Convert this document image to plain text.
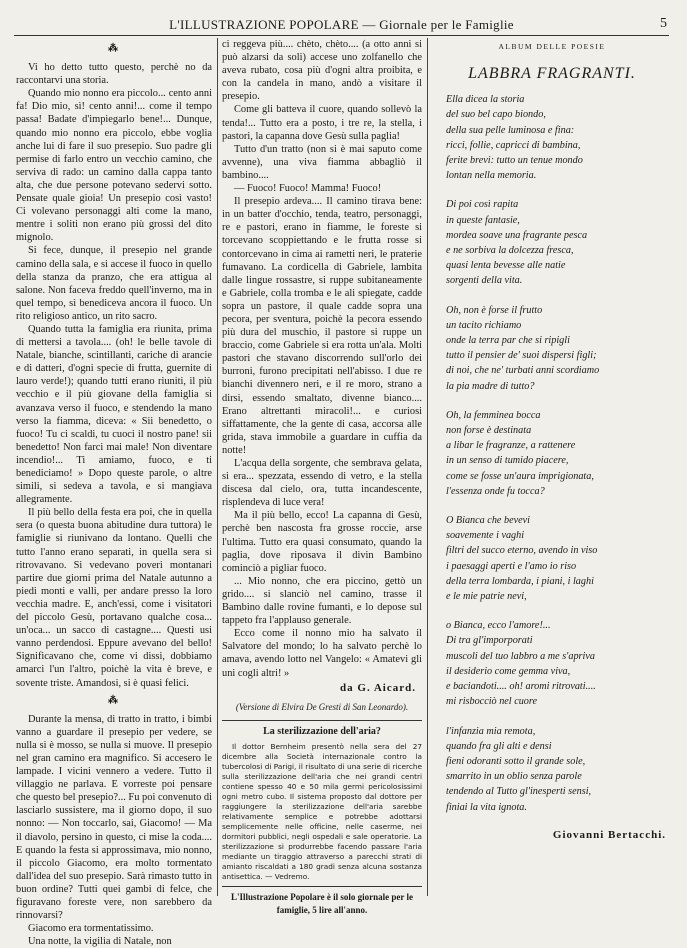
L'ILLUSTRAZIONE POPOLARE — Giornale per le Famiglie	5
⁂

Vi ho detto tutto questo, perchè no da raccontarvi una storia.

Quando mio nonno era piccolo... cento anni fa! Dio mio, sì! cento anni!... come il tempo passa! Badate d'impiegarlo bene!... Dunque, quando mio nonno era piccolo, ebbe voglia anche lui di fare il suo presepio. Suo padre gli permise di farlo entro un vecchio camino, che serviva di rado: un camino dalla cappa tanto alta, che due persone potevano sedervi sotto. Pensate quale gioia! Un presepio così vasto! Ci volevano personaggi alti come la mano, mentre i soliti non erano più grossi del dito mignolo.

Si fece, dunque, il presepio nel grande camino della sala, e si accese il fuoco in quello della stanza da pranzo, che era attigua al salone. Non faceva freddo quell'inverno, ma in quel tempo, sì benediceva ancora il fuoco. Un rito religioso antico, un rito sacro.

Quando tutta la famiglia era riunita, prima di mettersi a tavola.... (oh! le belle tavole di Natale, bianche, scintillanti, cariche di arancie e di datteri, d'ogni specie di frutta, guernite di lauro verde!); quando tutti erano riuniti, il più vecchio e il più giovane della famiglia si avanzava verso il fuoco, e stendendo la mano verso la fiamma, diceva: « Sii benedetto, o fuoco! Tu ci scaldi, tu cuoci il nostro pane! sii benedetto! Non farci mai male! Non diventare incendio!... Ti amiamo, fuoco, e ti benediciamo! » Dopo queste parole, o altre simili, si sedeva a tavola, e si mangiava allegramente.

Il più bello della festa era poi, che in quella sera (o questa buona abitudine dura tuttora) le famiglie si riunivano da lontano. Quelli che tutto l'anno erano separati, in quella sera si ritrovavano. Si vedevano poveri montanari partire due giorni prima del Natale autunno a piedi monti e valli, per andare presso la loro vecchia madre. E, anch'essi, come i visitatori del piccolo Gesù, portavano qualche cosa... un'oca... un sacco di castagne.... Questi usi vanno perdendosi. Eppure avevano del bello! Significavano che, come vi dissi, dobbiamo amarci l'un l'altro, poichè la vita è breve, e sovente triste. Amandosi, si è quasi felici.

⁂

Durante la mensa, di tratto in tratto, i bimbi vanno a guardare il presepio per vedere, se nulla si è mosso, se nulla si muove. Il presepio nel gran camino era magnifico. Si accesero le lampade. I vicini vennero a vedere. Tutto il villaggio ne parlava. E vorreste poi pensare che questo bel presepio?... Fu poi convenuto di lasciarlo sussistere, ma il giorno dopo, il suo nonno: — Non toccarlo, sai, Giacomo! — Ma il diavolo, persino in questo, ci mise la coda.... E quando la festa si approssimava, mio nonno, il piccolo Giacomo, era molto tormentato dall'idea del suo presepio. Sarà rimasto tutto in buon ordine? Tutti quei gambi di felce, che figuravano foreste vere, non sarebbero da rinnovarsi?

Giacomo era tormentatissimo.

Una notte, la vigilia di Natale, non

ci reggeva più.... chèto, chèto.... (a otto anni si può alzarsi da soli) accese uno zolfanello che aveva rubato, cosa più d'ogni altra proibita, e con la candela in mano, andò a visitare il presepio.

Come gli batteva il cuore, quando sollevò la tenda!... Tutto era a posto, i tre re, la stella, i pastori, la capanna dove Gesù sulla paglia!

Tutto d'un tratto (non si è mai saputo come avvenne), una viva fiamma abbagliò il bambino....

— Fuoco! Fuoco! Mamma! Fuoco!

Il presepio ardeva.... Il camino tirava bene: in un batter d'occhio, tenda, teatro, personaggi, re e pastori, erano in fiamme, le foreste si torcevano scoppiettando e le frutta rosse si contorcevano in cima ai rametti neri, le praterie fumavano. La cordicella di Gabriele, lambita dalle lingue rossastre, si ruppe subitaneamente e Gabriele, colla tromba e le ali spiegate, cadde sopra un pastore, il quale cadde sopra una pecora, per sventura, poichè la pecora essendo più dura del muschio, il pastore si ruppe un braccio, come Gabriele si era rotta un'ala. Molti pastori che stavano discorrendo sull'orlo dei burroni, furono precipitati nell'abisso. I due re bianchi divennero neri, e il re moro, strano a dirsi, essendo smaltato, divenne bianco.... Erano altrettanti miracoli!... e curiosi siffattamente, che la gente di casa, accorsa alle grida, stava immobile a guardare in cuffia da notte!

L'acqua della sorgente, che sembrava gelata, si era... spezzata, essendo di vetro, e la stella discesa dal cielo, ora, tutta incandescente, risplendeva di luce vera!

Ma il più bello, ecco! La capanna di Gesù, perchè ben nascosta fra grosse roccie, arse l'ultima. Tutto era quasi consumato, quando la paglia, dove riposava il divin Bambino cominciò a pigliar fuoco.

... Mio nonno, che era piccino, gettò un grido.... si slanciò nel camino, trasse il Bambino dalle rovine fumanti, e lo depose sul tappeto fra l'applauso generale.

Ecco come il nonno mio ha salvato il Salvatore del mondo; lo ha salvato perchè lo amava, avendo lotto nel Vangelo: « Amatevi gli uni cogli altri! »

da G. Aicard.
(Versione di Elvira De Gresti di San Leonardo).
La sterilizzazione dell'aria?

Il dottor Bernheim presentò nella sera del 27 dicembre alla Società internazionale contro la tubercolosi di Parigi, il risultato di una serie di ricerche sulla sterilizzazione dell'aria che nei grandi centri contiene spesso 40 e 50 mila germi pericolosissimi ogni metro cubo. Il sistema proposto dal dottore per raggiungere la sterilizzazione dell'aria sarebbe relativamente semplice e potrebbe adottarsi semplicemente nelle officine, nelle caserme, nei dormitori pubblici, negli ospedali e sale operatorie. La sterilizzazione si produrrebbe facendo passare l'aria mediante un tiraggio attraverso a parecchi strati di amianto riscaldati a 180 gradi senza alcuna sostanza antisettica. — Vedremo.

L'Illustrazione Popolare è il solo giornale per le famiglie, 5 lire all'anno.
ALBUM DELLE POESIE
LABBRA FRAGRANTI.
Ella dicea la storia
del suo bel capo biondo,
della sua pelle luminosa e fina:
ricci, follie, capricci di bambina,
ferite brevi: tutto un tenue mondo
lontan nella memoria.
Di poi così rapita
in queste fantasie,
mordea soave una fragrante pesca
e ne sorbiva la dolcezza fresca,
quasi lenta bevesse alle natie
sorgenti della vita.
Oh, non è forse il frutto
un tacito richiamo
onde la terra par che si ripigli
tutto il pensier de' suoi dispersi figli;
di noi, che ne' turbati anni scordiamo
la pia madre di tutto?
Oh, la femminea bocca
non forse è destinata
a libar le fragranze, a rattenere
in un senso di tumido piacere,
come se fosse un'aura imprigionata,
l'essenza onde fu tocca?
O Bianca che bevevi
soavemente i vaghi
filtri del succo eterno, avendo in viso
i paesaggi aperti e l'amo io riso
della terra lombarda, i piani, i laghi
e le mie patrie nevi,
o Bianca, ecco l'amore!...
Di tra gl'imporporati
muscoli del tuo labbro a me s'apriva
il desiderio come gemma viva,
e baciandoti.... oh! aromi ritrovati....
mi risbocciò nel cuore
l'infanzia mia remota,
quando fra gli alti e densi
fieni odoranti sotto il grande sole,
smarrito in un oblio senza parole
tendendo al Tutto gl'inesperti sensi,
finiai la vita ignota.
Giovanni Bertacchi.
